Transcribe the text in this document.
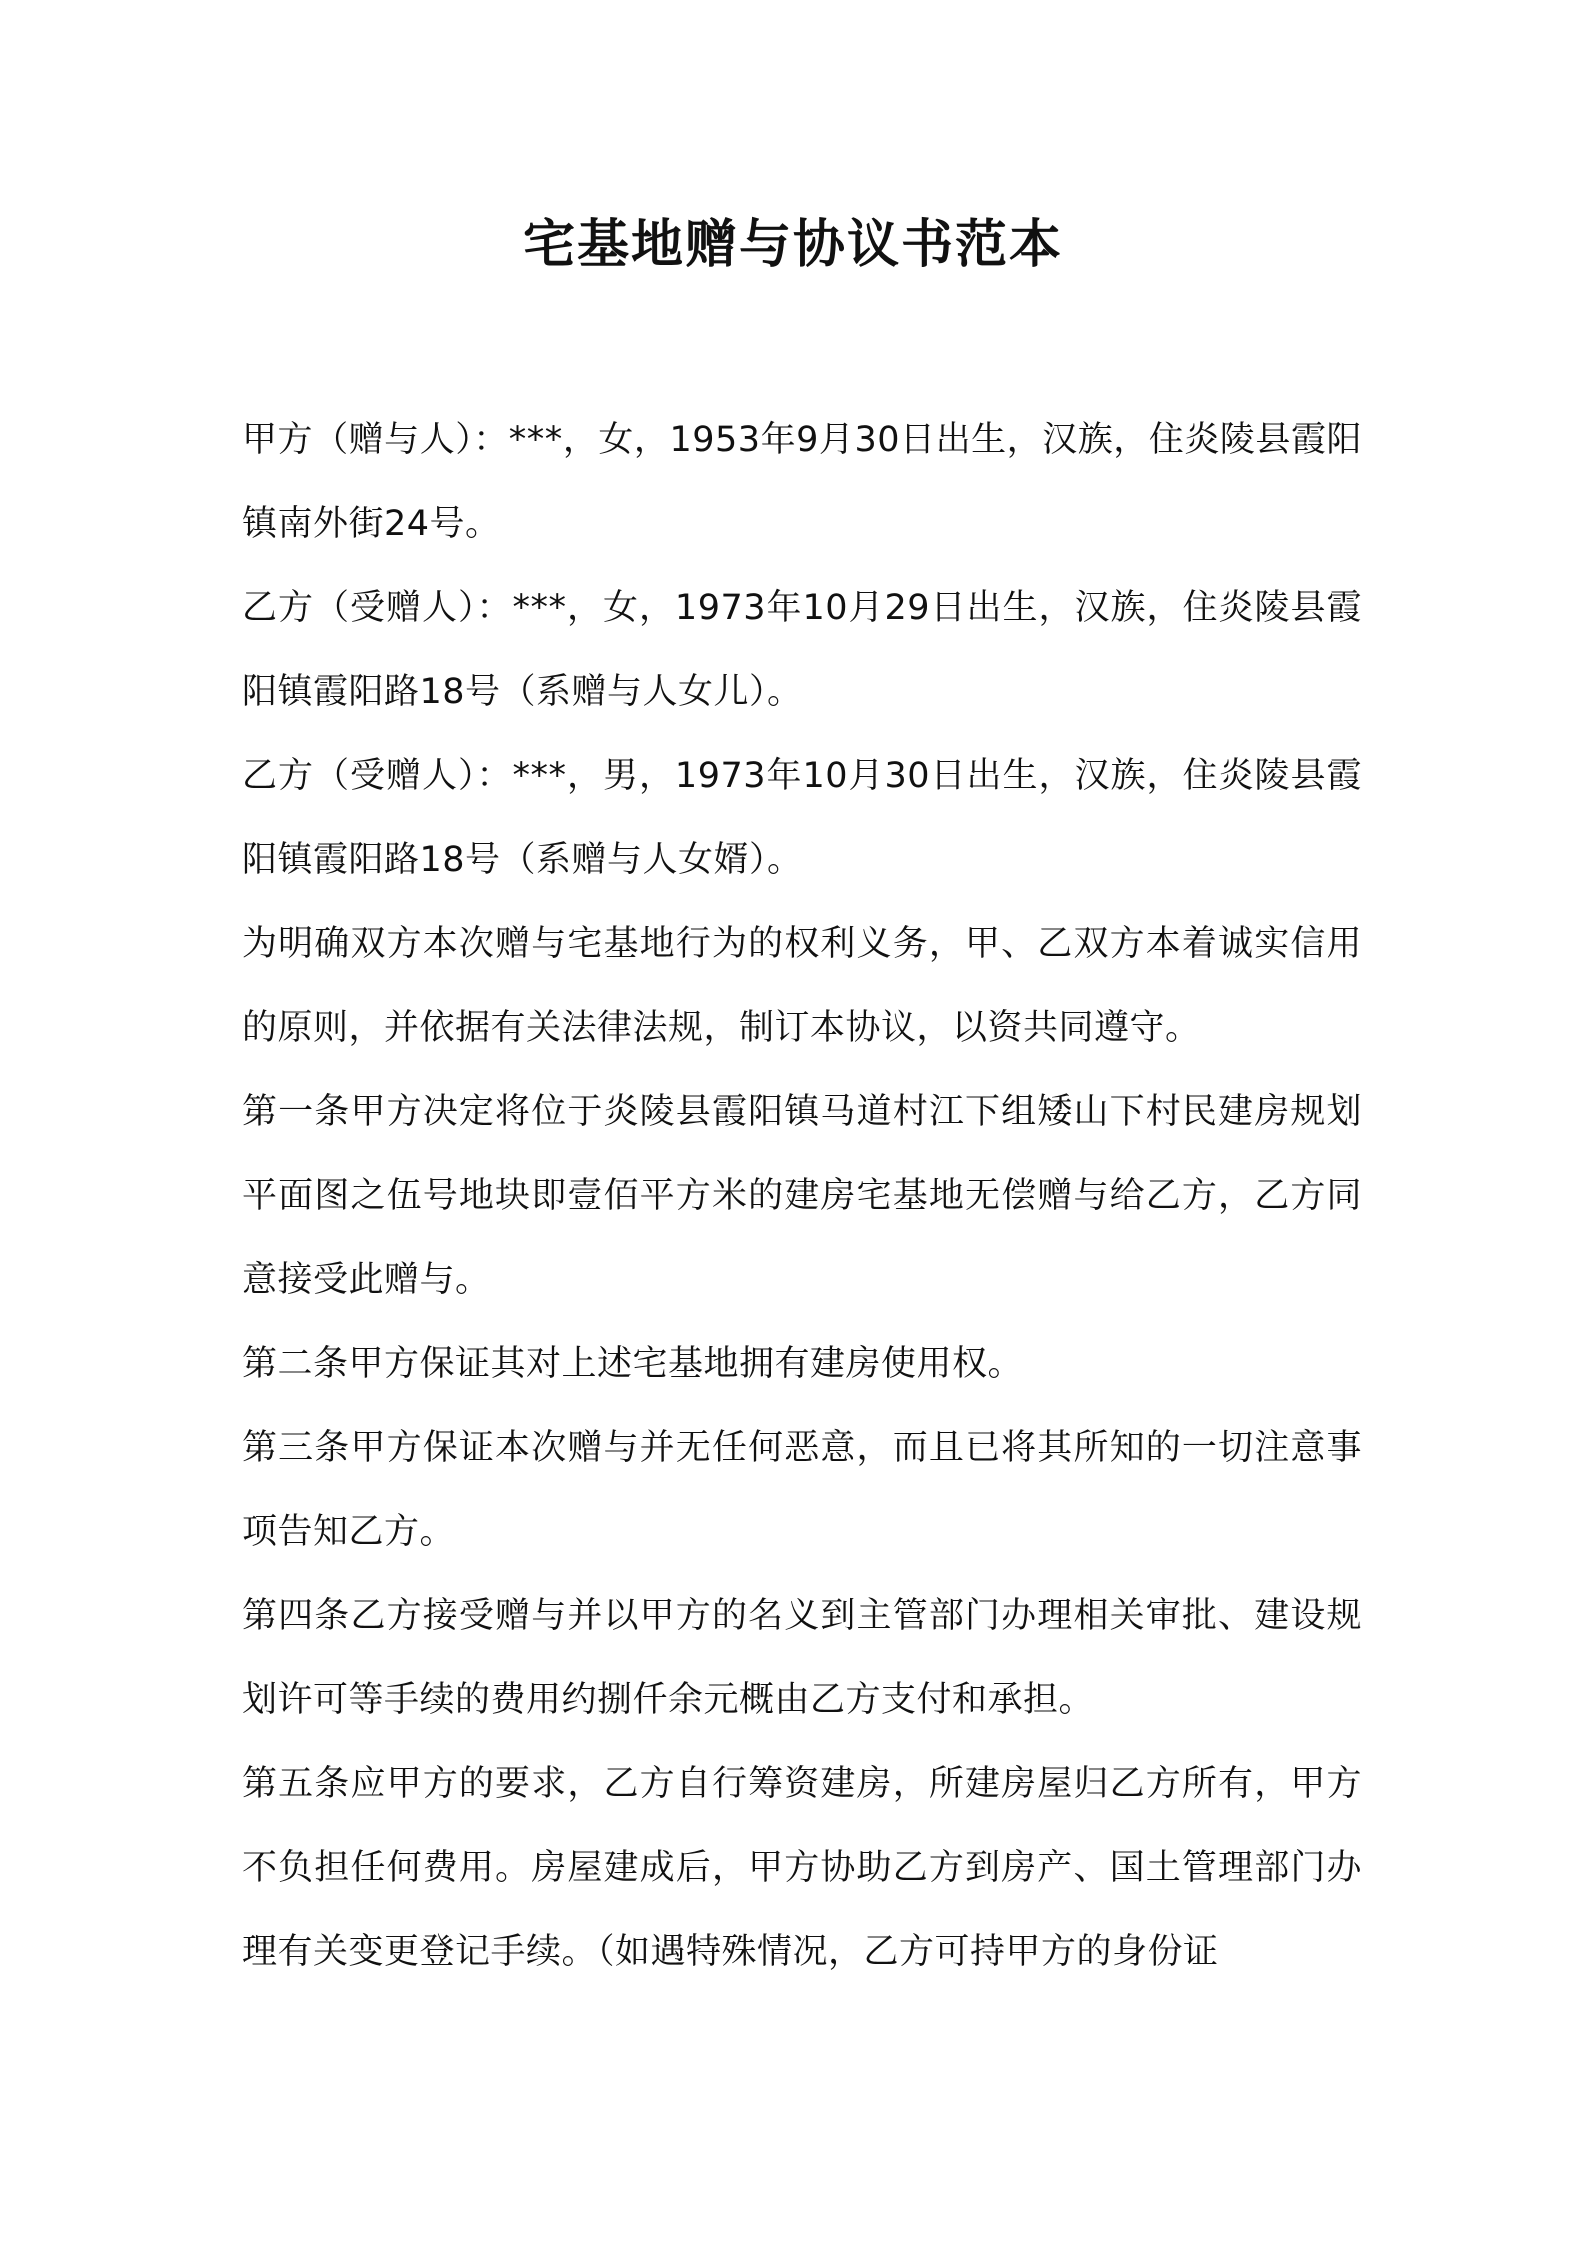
宅基地赠与协议书范本

甲方（赠与人）：***，女，1953年9月30日出生，汉族，住炎陵县霞阳镇南外街24号。

乙方（受赠人）：***，女，1973年10月29日出生，汉族，住炎陵县霞阳镇霞阳路18号（系赠与人女儿）。

乙方（受赠人）：***，男，1973年10月30日出生，汉族，住炎陵县霞阳镇霞阳路18号（系赠与人女婿）。

为明确双方本次赠与宅基地行为的权利义务，甲、乙双方本着诚实信用的原则，并依据有关法律法规，制订本协议，以资共同遵守。

第一条甲方决定将位于炎陵县霞阳镇马道村江下组矮山下村民建房规划平面图之伍号地块即壹佰平方米的建房宅基地无偿赠与给乙方，乙方同意接受此赠与。

第二条甲方保证其对上述宅基地拥有建房使用权。

第三条甲方保证本次赠与并无任何恶意，而且已将其所知的一切注意事项告知乙方。

第四条乙方接受赠与并以甲方的名义到主管部门办理相关审批、建设规划许可等手续的费用约捌仟余元概由乙方支付和承担。

第五条应甲方的要求，乙方自行筹资建房，所建房屋归乙方所有，甲方不负担任何费用。房屋建成后，甲方协助乙方到房产、国土管理部门办理有关变更登记手续。（如遇特殊情况，乙方可持甲方的身份证
